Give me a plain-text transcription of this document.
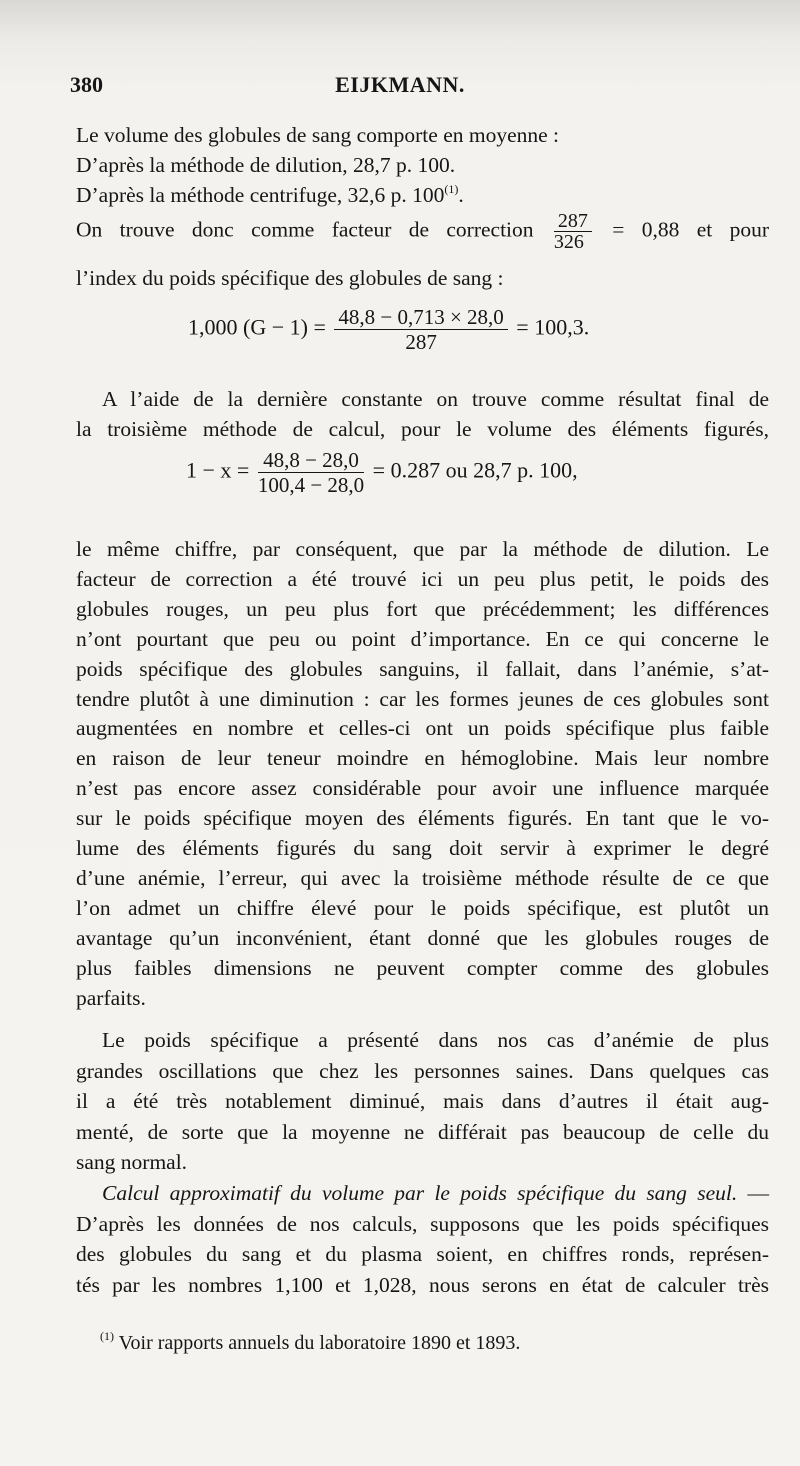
380	EIJKMANN.
Le volume des globules de sang comporte en moyenne :
D’après la méthode de dilution, 28,7 p. 100.
D’après la méthode centrifuge, 32,6 p. 100$^{(1)}$.
On trouve donc comme facteur de correction $\frac{287}{326} = 0,88$ et pour
l’index du poids spécifique des globules de sang :
1,000 $(G - 1) = \frac{48,8 - 0,713 \times 28,0}{287} = 100,3$.
A l’aide de la dernière constante on trouve comme résultat final de
la troisième méthode de calcul, pour le volume des éléments figurés,
$1 - x = \frac{48,8 - 28,0}{100,4 - 28,0} = 0.287$ ou 28,7 p. 100,
le même chiffre, par conséquent, que par la méthode de dilution. Le
facteur de correction a été trouvé ici un peu plus petit, le poids des
globules rouges, un peu plus fort que précédemment; les différences
n’ont pourtant que peu ou point d’importance. En ce qui concerne le
poids spécifique des globules sanguins, il fallait, dans l’anémie, s’at-
tendre plutôt à une diminution : car les formes jeunes de ces globules sont
augmentées en nombre et celles-ci ont un poids spécifique plus faible
en raison de leur teneur moindre en hémoglobine. Mais leur nombre
n’est pas encore assez considérable pour avoir une influence marquée
sur le poids spécifique moyen des éléments figurés. En tant que le vo-
lume des éléments figurés du sang doit servir à exprimer le degré
d’une anémie, l’erreur, qui avec la troisième méthode résulte de ce que
l’on admet un chiffre élevé pour le poids spécifique, est plutôt un
avantage qu’un inconvénient, étant donné que les globules rouges de
plus faibles dimensions ne peuvent compter comme des globules
parfaits.
Le poids spécifique a présenté dans nos cas d’anémie de plus
grandes oscillations que chez les personnes saines. Dans quelques cas
il a été très notablement diminué, mais dans d’autres il était aug-
menté, de sorte que la moyenne ne différait pas beaucoup de celle du
sang normal.
Calcul approximatif du volume par le poids spécifique du sang seul. —
D’après les données de nos calculs, supposons que les poids spécifiques
des globules du sang et du plasma soient, en chiffres ronds, représen-
tés par les nombres 1,100 et 1,028, nous serons en état de calculer très
$^{(1)}$ Voir rapports annuels du laboratoire 1890 et 1893.
